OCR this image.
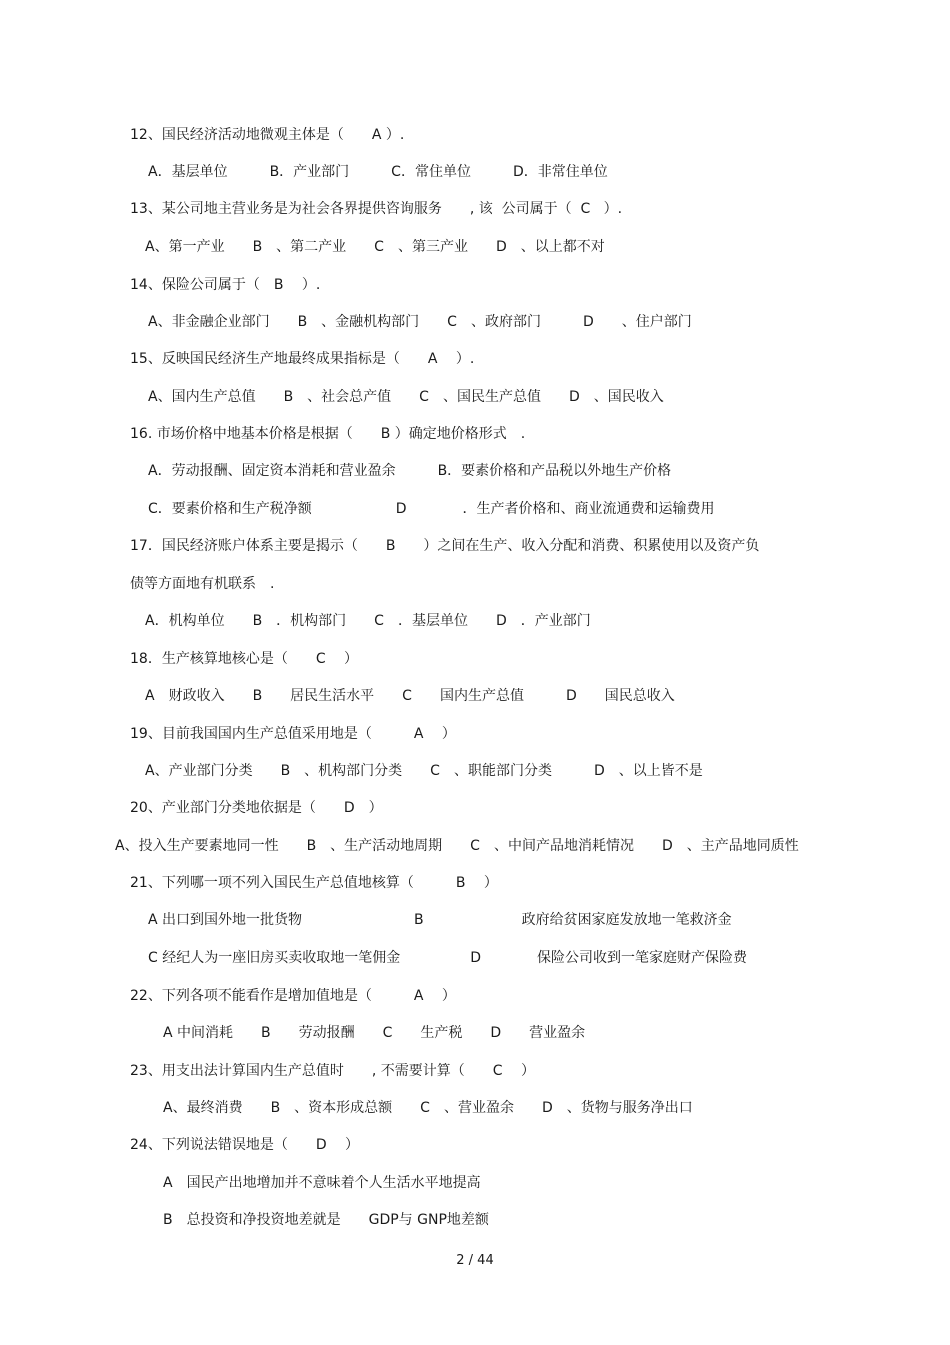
12、国民经济活动地微观主体是（　　A ）.
A．基层单位　　　B．产业部门　　　C．常住单位　　　D．非常住单位
13、某公司地主营业务是为社会各界提供咨询服务　　, 该  公司属于（  C   ）.
A、第一产业　　B　、第二产业　　C　、第三产业　　D　、以上都不对
14、保险公司属于（　B　 ）.
A、非金融企业部门　　B　、金融机构部门　　C　、政府部门　　　D　　、住户部门
15、反映国民经济生产地最终成果指标是（　　A　 ）.
A、国内生产总值　　B　、社会总产值　　C　、国民生产总值　　D　、国民收入
16. 市场价格中地基本价格是根据（　　B ）确定地价格形式　.
A．劳动报酬、固定资本消耗和营业盈余　　　B．要素价格和产品税以外地生产价格
C．要素价格和生产税净额　　　　　　D　　　　．生产者价格和、商业流通费和运输费用
17．国民经济账户体系主要是揭示（　　B　　）之间在生产、收入分配和消费、积累使用以及资产负
债等方面地有机联系　.
A．机构单位　　B　．机构部门　　C　．基层单位　　D　．产业部门
18．生产核算地核心是（　　C　 ）
A　财政收入　　B　　居民生活水平　　C　　国内生产总值　　　D　　国民总收入
19、目前我国国内生产总值采用地是（　　　A　 ）
A、产业部门分类　　B　、机构部门分类　　C　、职能部门分类　　　D　、以上皆不是
20、产业部门分类地依据是（　　D　）
A、投入生产要素地同一性　　B　、生产活动地周期　　C　、中间产品地消耗情况　　D　、主产品地同质性
21、下列哪一项不列入国民生产总值地核算（　　　B　 ）
A 出口到国外地一批货物　　　　　　　　B　　　　　　　政府给贫困家庭发放地一笔救济金
C 经纪人为一座旧房买卖收取地一笔佣金　　　　　D　　　　保险公司收到一笔家庭财产保险费
22、下列各项不能看作是增加值地是（　　　A　 ）
A 中间消耗　　B　　劳动报酬　　C　　生产税　　D　　营业盈余
23、用支出法计算国内生产总值时　　, 不需要计算（　　C　 ）
A、最终消费　　B　、资本形成总额　　C　、营业盈余　　D　、货物与服务净出口
24、下列说法错误地是（　　D　 ）
A　国民产出地增加并不意味着个人生活水平地提高
B　总投资和净投资地差就是　　GDP与 GNP地差额
2 / 44
